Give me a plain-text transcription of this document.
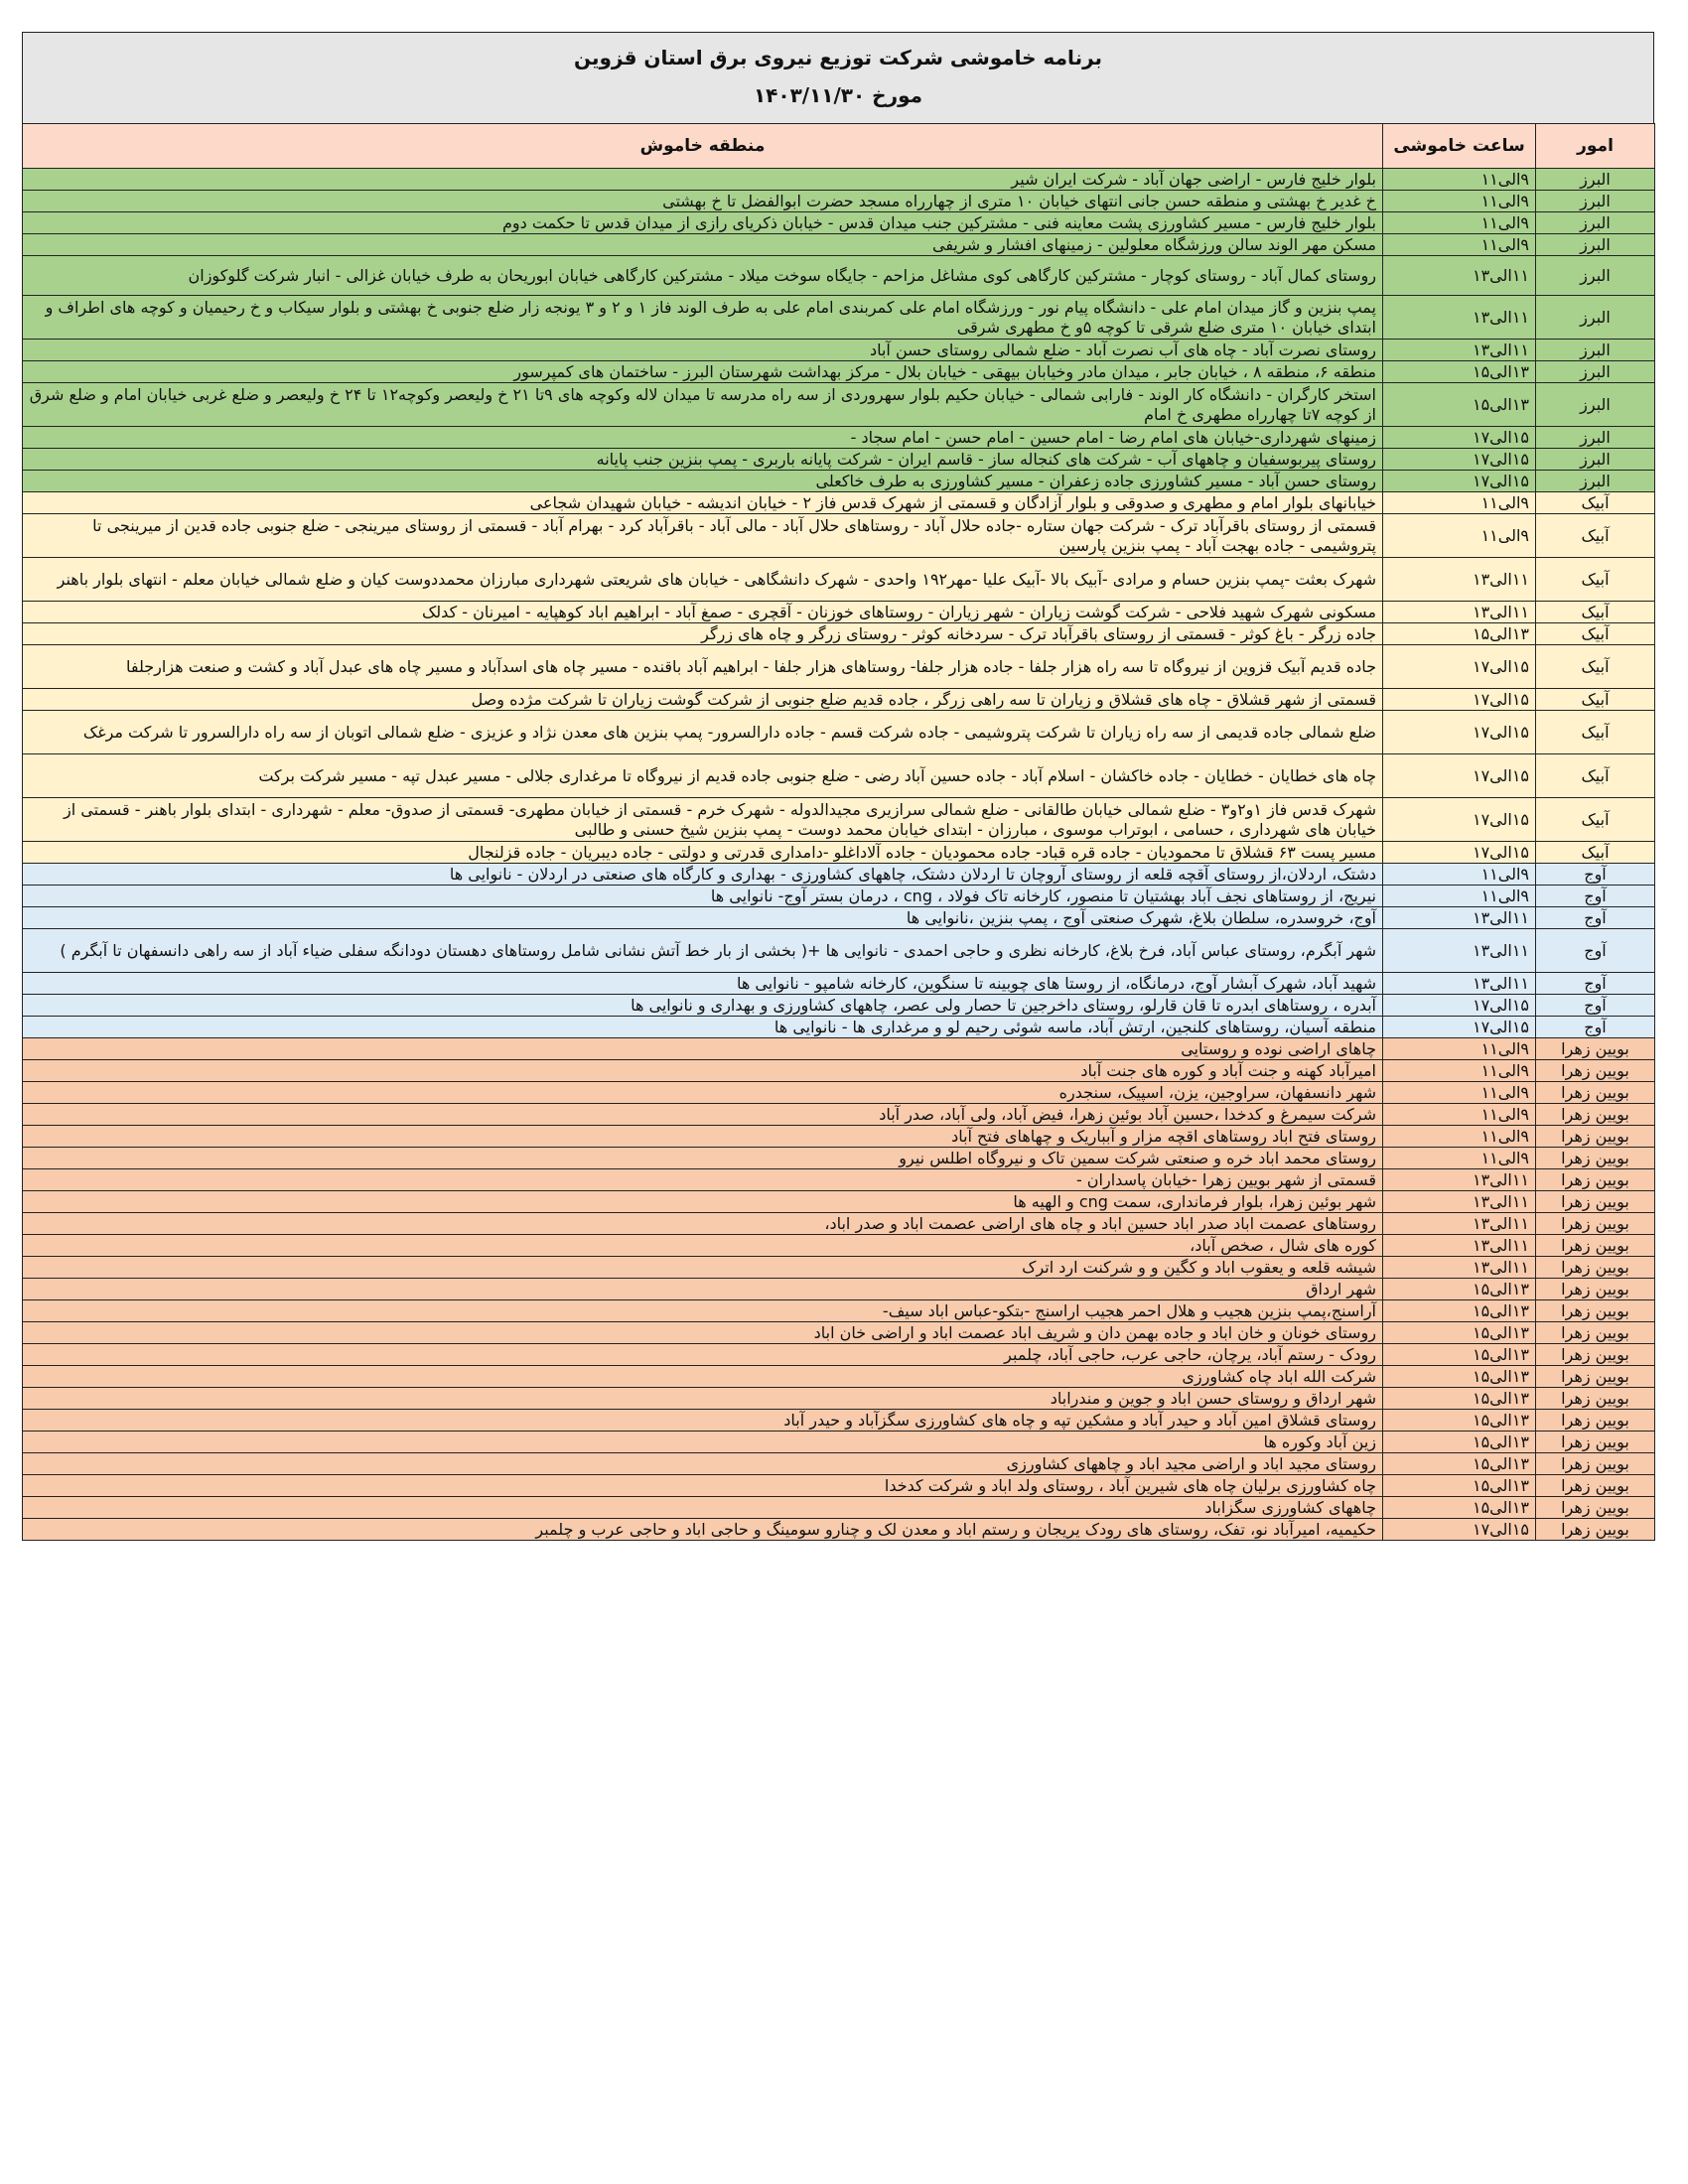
برنامه خاموشی شرکت توزیع نیروی برق استان قزوین
مورخ ۱۴۰۳/۱۱/۳۰
امور	ساعت خاموشی	منطقه خاموش
البرز	۹الی۱۱	بلوار خلیج فارس - اراضی جهان آباد - شرکت ایران شیر
البرز	۹الی۱۱	خ غدیر خ بهشتی و منطقه حسن جانی انتهای خیابان ۱۰ متری از چهارراه مسجد حضرت ابوالفضل تا خ بهشتی
البرز	۹الی۱۱	بلوار خلیج فارس - مسیر کشاورزی پشت معاینه فنی - مشترکین جنب میدان قدس - خیابان ذکریای رازی از میدان قدس تا حکمت دوم
البرز	۹الی۱۱	مسکن مهر الوند سالن ورزشگاه معلولین - زمینهای افشار و شریفی
البرز	۱۱الی۱۳	روستای کمال آباد - روستای کوچار - مشترکین کارگاهی کوی مشاغل مزاحم - جایگاه سوخت میلاد - مشترکین کارگاهی خیابان ابوریحان به طرف خیابان غزالی - انبار شرکت گلوکوزان
البرز	۱۱الی۱۳	پمپ بنزین و گاز میدان امام علی - دانشگاه پیام نور - ورزشگاه امام علی کمربندی امام علی به طرف الوند فاز ۱ و ۲ و ۳ یونجه زار ضلع جنوبی خ بهشتی و بلوار سیکاب و خ رحیمیان و کوچه های اطراف و ابتدای خیابان ۱۰ متری ضلع شرقی تا کوچه ۵و خ مطهری شرقی
البرز	۱۱الی۱۳	روستای نصرت آباد - چاه های آب نصرت آباد - ضلع شمالی روستای حسن آباد
البرز	۱۳الی۱۵	منطقه ۶، منطقه ۸ ، خیابان جابر ، میدان مادر وخیابان بیهقی - خیابان بلال - مرکز بهداشت شهرستان البرز - ساختمان های کمپرسور
البرز	۱۳الی۱۵	استخر کارگران - دانشگاه کار الوند - فارابی شمالی - خیابان حکیم بلوار سهروردی از سه راه مدرسه تا میدان لاله وکوچه های ۹تا ۲۱ خ ولیعصر وکوچه۱۲ تا ۲۴ خ ولیعصر و ضلع غربی خیابان امام و ضلع شرق از کوچه ۷تا چهارراه مطهری خ امام
البرز	۱۵الی۱۷	زمینهای شهرداری-خیابان های امام رضا - امام حسین - امام حسن - امام سجاد -
البرز	۱۵الی۱۷	روستای پیربوسفیان و چاههای آب - شرکت های کنجاله ساز - قاسم ایران - شرکت پایانه باربری - پمپ بنزین جنب پایانه
البرز	۱۵الی۱۷	روستای حسن آباد - مسیر کشاورزی جاده زعفران - مسیر کشاورزی به طرف خاکعلی
آبیک	۹الی۱۱	خیابانهای بلوار امام و مطهری و صدوقی و بلوار آزادگان و قسمتی از شهرک قدس فاز ۲ - خیابان اندیشه - خیابان شهیدان شجاعی
آبیک	۹الی۱۱	قسمتی از روستای باقرآباد ترک - شرکت جهان ستاره -جاده حلال آباد - روستاهای حلال آباد - مالی آباد - باقرآباد کرد - بهرام آباد - قسمتی از روستای میرینجی - ضلع جنوبی جاده قدین از میرینجی تا پتروشیمی - جاده بهجت آباد - پمپ بنزین پارسین
آبیک	۱۱الی۱۳	شهرک بعثت -پمپ بنزین حسام و مرادی -آبیک بالا -آبیک علیا -مهر۱۹۲ واحدی - شهرک دانشگاهی - خیابان های شریعتی شهرداری مبارزان محمددوست کیان و ضلع شمالی خیابان معلم - انتهای بلوار باهنر
آبیک	۱۱الی۱۳	مسکونی شهرک شهید فلاحی - شرکت گوشت زیاران - شهر زیاران - روستاهای خوزنان - آقچری - صمغ آباد - ابراهیم اباد کوهپایه - امیرنان - کدلک
آبیک	۱۳الی۱۵	جاده زرگر - باغ کوثر - قسمتی از روستای باقرآباد ترک - سردخانه کوثر - روستای زرگر و چاه های زرگر
آبیک	۱۵الی۱۷	جاده قدیم آبیک قزوین از نیروگاه تا سه راه هزار جلفا - جاده هزار جلفا- روستاهای هزار جلفا - ابراهیم آباد باقنده - مسیر چاه های اسدآباد و مسیر چاه های عبدل آباد و کشت و صنعت هزارجلفا
آبیک	۱۵الی۱۷	قسمتی از شهر قشلاق - چاه های قشلاق و زیاران تا سه راهی زرگر ، جاده قدیم ضلع جنوبی از شرکت گوشت زیاران تا شرکت مژده وصل
آبیک	۱۵الی۱۷	ضلع شمالی جاده قدیمی از سه راه زیاران تا شرکت پتروشیمی - جاده شرکت قسم - جاده دارالسرور- پمپ بنزین های معدن نژاد و عزیزی - ضلع شمالی اتوبان از سه راه دارالسرور تا شرکت مرغک
آبیک	۱۵الی۱۷	چاه های خطایان - خطایان - جاده خاکشان - اسلام آباد - جاده حسین آباد رضی - ضلع جنوبی جاده قدیم از نیروگاه تا مرغداری جلالی - مسیر عبدل تپه - مسیر شرکت برکت
آبیک	۱۵الی۱۷	شهرک قدس فاز ۱و۲و۳ - ضلع شمالی خیابان طالقانی - ضلع شمالی سرازیری مجیدالدوله - شهرک خرم - قسمتی از خیابان مطهری- قسمتی از صدوق- معلم - شهرداری - ابتدای بلوار باهنر - قسمتی از خیابان های شهرداری ، حسامی ، ابوتراب موسوی ، مبارزان - ابتدای خیابان محمد دوست - پمپ بنزین شیخ حسنی و طالبی
آبیک	۱۵الی۱۷	مسیر پست ۶۳ قشلاق تا محمودیان - جاده قره قباد- جاده محمودیان - جاده آلاداغلو -دامداری قدرتی و دولتی - جاده دیبریان - جاده قزلنجال
آوج	۹الی۱۱	دشتک، اردلان،از روستای آقچه قلعه از روستای آروچان تا اردلان دشتک، چاههای کشاورزی - بهداری و کارگاه های صنعتی در اردلان - نانوایی ها
آوج	۹الی۱۱	نیریج، از روستاهای نجف آباد بهشتیان تا منصور، کارخانه تاک فولاد ، cng ، درمان بستر آوج- نانوایی ها
آوج	۱۱الی۱۳	آوج، خروسدره، سلطان بلاغ، شهرک صنعتی آوج ، پمپ بنزین ،نانوایی ها
آوج	۱۱الی۱۳	شهر آبگرم، روستای عباس آباد، فرخ بلاغ، کارخانه نظری و حاجی احمدی - نانوایی ها +( بخشی از بار خط آتش نشانی شامل روستاهای دهستان دودانگه سفلی ضیاء آباد از سه راهی دانسفهان تا آبگرم )
آوج	۱۱الی۱۳	شهید آباد، شهرک آبشار آوج، درمانگاه، از روستا های چوبینه تا سنگوین، کارخانه شامپو - نانوایی ها
آوج	۱۵الی۱۷	آبدره ، روستاهای ابدره تا قان قارلو، روستای داخرجین تا حصار ولی عصر، چاههای کشاورزی و بهداری و نانوایی ها
آوج	۱۵الی۱۷	منطقه آسیان، روستاهای کلنجین، ارتش آباد، ماسه شوئی رحیم لو و مرغداری ها - نانوایی ها
بویین زهرا	۹الی۱۱	چاهای اراضی نوده و روستایی
بویین زهرا	۹الی۱۱	امیرآباد کهنه و جنت آباد و کوره های جنت آباد
بویین زهرا	۹الی۱۱	شهر دانسفهان، سراوجین، یزن، اسپیک، سنجدره
بویین زهرا	۹الی۱۱	شرکت سیمرغ و کدخدا ،حسین آباد بوئین زهرا، فیض آباد، ولی آباد، صدر آباد
بویین زهرا	۹الی۱۱	روستای فتح اباد روستاهای اقچه مزار و آبباریک و چهاهای فتح آباد
بویین زهرا	۹الی۱۱	روستای محمد اباد خره و صنعتی شرکت سمین تاک و نیروگاه اطلس نیرو
بویین زهرا	۱۱الی۱۳	قسمتی از شهر بویین زهرا -خیابان پاسداران -
بویین زهرا	۱۱الی۱۳	شهر بوئین زهرا، بلوار فرمانداری، سمت cng و الهیه ها
بویین زهرا	۱۱الی۱۳	روستاهای عصمت اباد صدر اباد حسین اباد و چاه های اراضی عصمت اباد و صدر اباد،
بویین زهرا	۱۱الی۱۳	کوره های شال ، صخص آباد،
بویین زهرا	۱۱الی۱۳	شیشه قلعه و یعقوب اباد و کگین و و شرکنت ارد اترک
بویین زهرا	۱۳الی۱۵	شهر ارداق
بویین زهرا	۱۳الی۱۵	آراسنج،پمپ بنزین هجیب و هلال احمر هجیب اراسنج -بتکو-عباس اباد سیف-
بویین زهرا	۱۳الی۱۵	روستای خونان و خان اباد و جاده بهمن دان و شریف اباد عصمت اباد و اراضی خان اباد
بویین زهرا	۱۳الی۱۵	رودک - رستم آباد، یرچان، حاجی عرب، حاجی آباد، چلمبر
بویین زهرا	۱۳الی۱۵	شرکت الله اباد چاه کشاورزی
بویین زهرا	۱۳الی۱۵	شهر ارداق و روستای حسن اباد و جوین و مندراباد
بویین زهرا	۱۳الی۱۵	روستای قشلاق امین آباد و حیدر آباد و مشکین تپه و چاه های کشاورزی سگزآباد و حیدر آباد
بویین زهرا	۱۳الی۱۵	زین آباد وکوره ها
بویین زهرا	۱۳الی۱۵	روستای مجید اباد و اراضی مجید اباد و چاههای کشاورزی
بویین زهرا	۱۳الی۱۵	چاه کشاورزی برلیان چاه های شیرین آباد ، روستای ولد اباد و شرکت کدخدا
بویین زهرا	۱۳الی۱۵	چاههای کشاورزی سگزاباد
بویین زهرا	۱۵الی۱۷	حکیمیه، امیرآباد نو، تفک، روستای های رودک یریجان و رستم اباد و معدن لک و چنارو سومینگ و حاجی اباد و حاجی عرب و چلمبر
